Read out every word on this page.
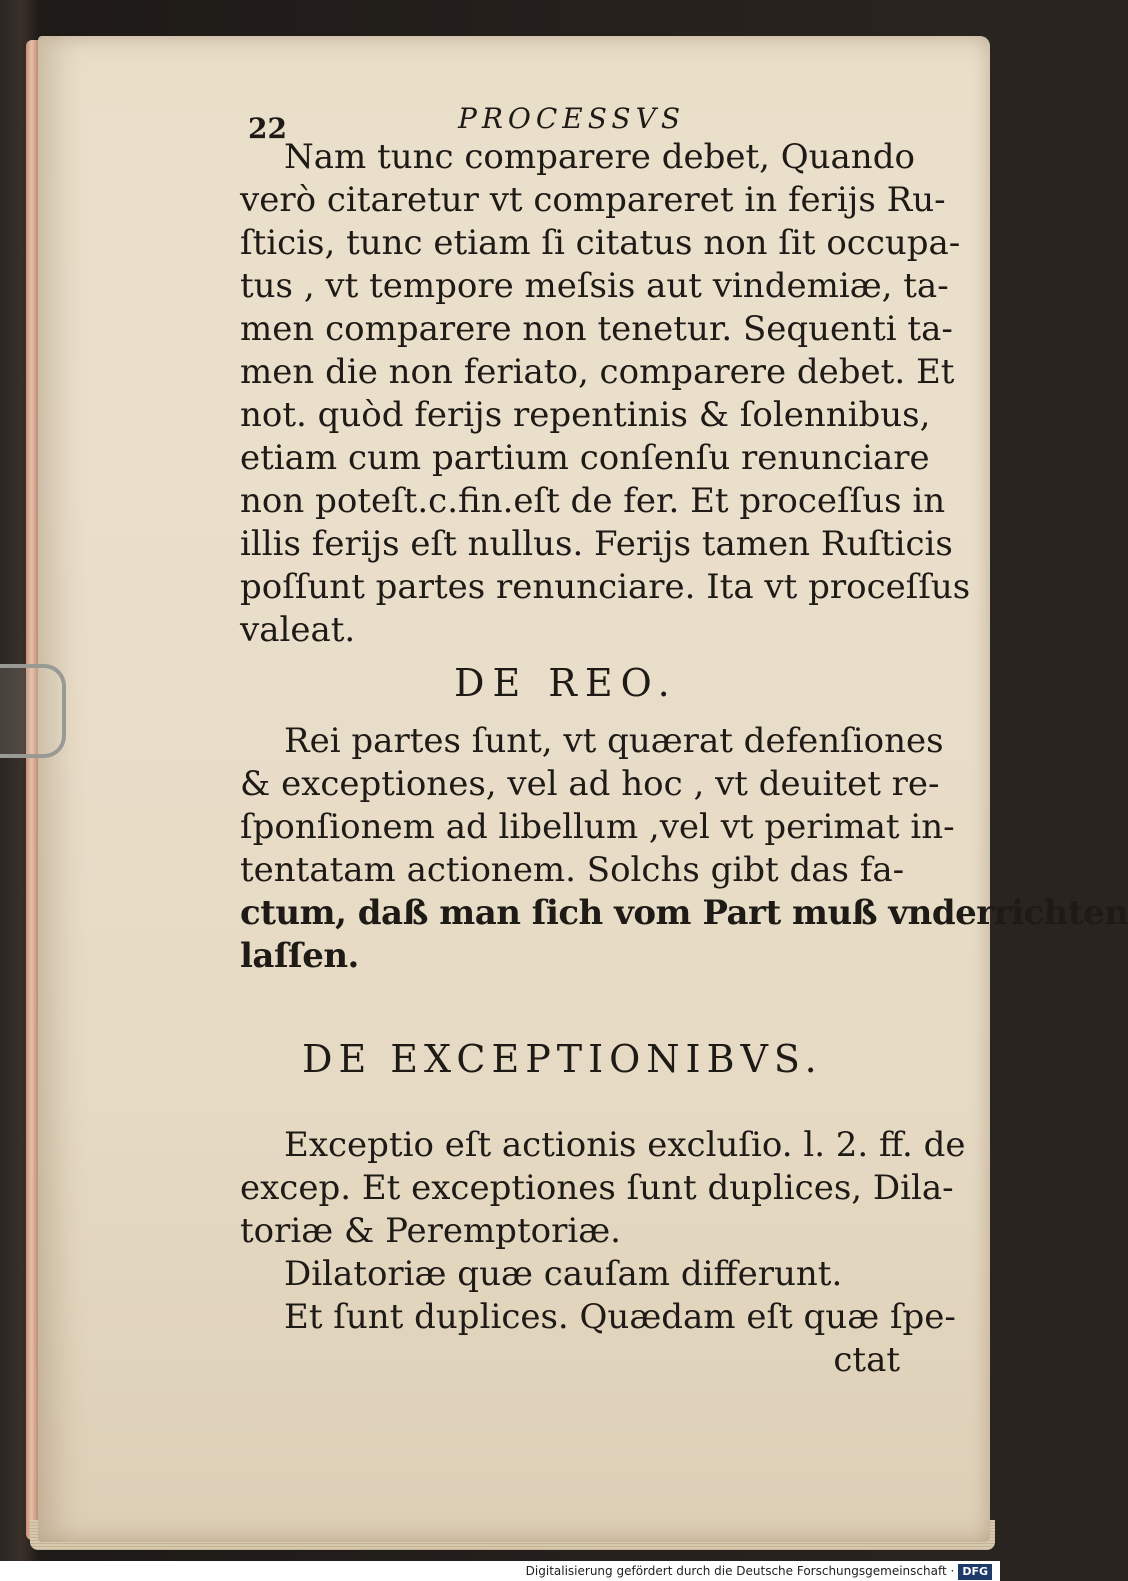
22	PROCESSVS
Nam tunc comparere debet, Quando
verò citaretur vt compareret in ferijs Ru-
ſticis, tunc etiam ſi citatus non ſit occupa-
tus , vt tempore meſsis aut vindemiæ, ta-
men comparere non tenetur. Sequenti ta-
men die non feriato, comparere debet. Et
not. quòd ferijs repentinis & ſolennibus,
etiam cum partium conſenſu renunciare
non poteſt.c.fin.eſt de fer. Et proceſſus in
illis ferijs eſt nullus. Ferijs tamen Ruſticis
poſſunt partes renunciare. Ita vt proceſſus
valeat.
DE REO.
Rei partes ſunt, vt quærat defenſiones
& exceptiones, vel ad hoc , vt deuitet re-
ſponſionem ad libellum ,vel vt perimat in-
tentatam actionem. Solchs gibt das fa-
ctum, daß man ſich vom Part muß vnderrichten
laſſen.
DE EXCEPTIONIBVS.
Exceptio eſt actionis excluſio. l. 2. ff. de
excep. Et exceptiones ſunt duplices, Dila-
toriæ & Peremptoriæ.
Dilatoriæ quæ cauſam differunt.
Et ſunt duplices. Quædam eſt quæ ſpe-
ctat
Digitalisierung gefördert durch die Deutsche Forschungsgemeinschaft · DFG
